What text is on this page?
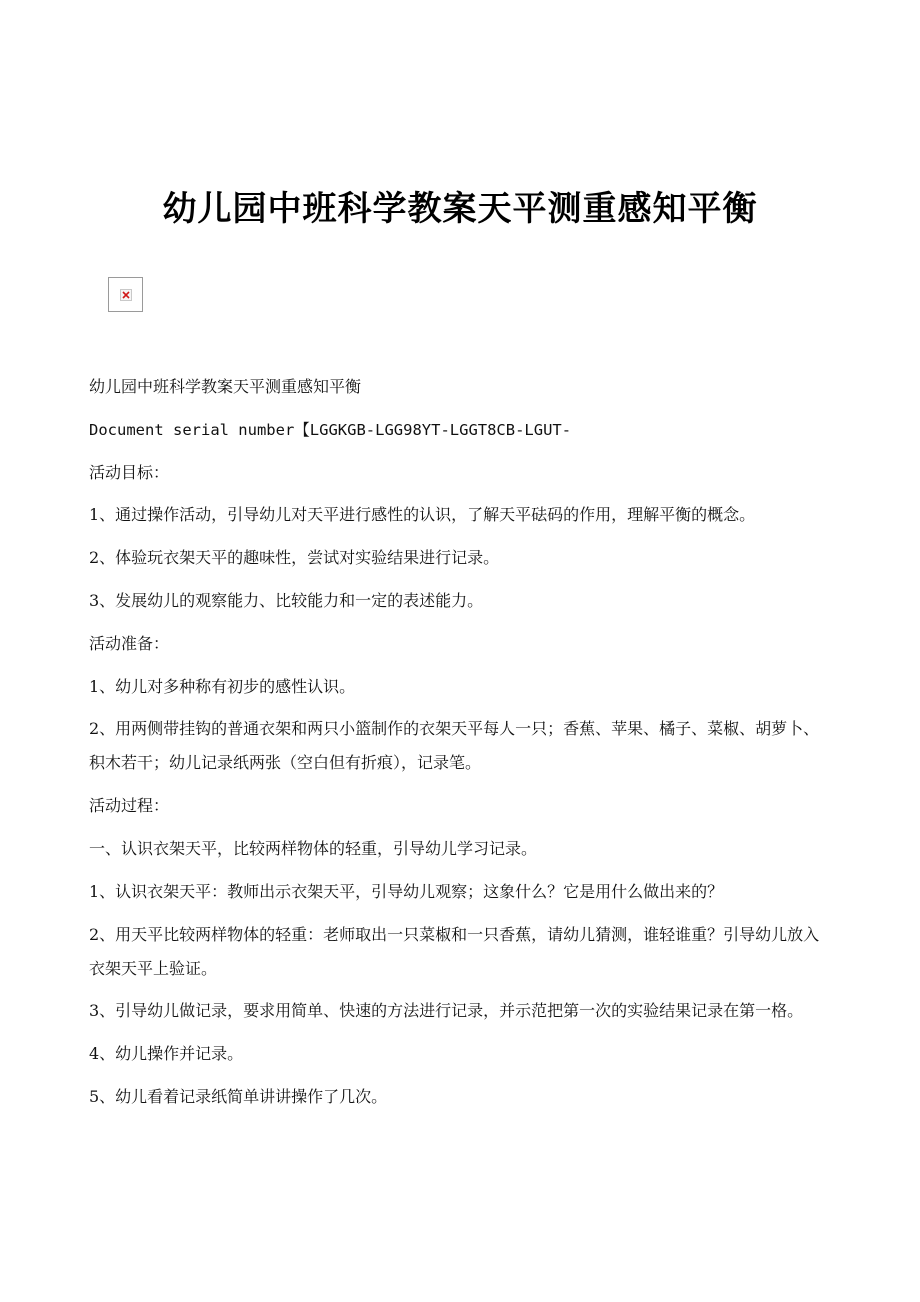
幼儿园中班科学教案天平测重感知平衡

幼儿园中班科学教案天平测重感知平衡

Document serial number【LGGKGB-LGG98YT-LGGT8CB-LGUT-

活动目标：

1、通过操作活动，引导幼儿对天平进行感性的认识，了解天平砝码的作用，理解平衡的概念。

2、体验玩衣架天平的趣味性，尝试对实验结果进行记录。

3、发展幼儿的观察能力、比较能力和一定的表述能力。

活动准备：

1、幼儿对多种称有初步的感性认识。

2、用两侧带挂钩的普通衣架和两只小篮制作的衣架天平每人一只；香蕉、苹果、橘子、菜椒、胡萝卜、积木若干；幼儿记录纸两张（空白但有折痕），记录笔。

活动过程：

一、认识衣架天平，比较两样物体的轻重，引导幼儿学习记录。

1、认识衣架天平：教师出示衣架天平，引导幼儿观察；这象什么？它是用什么做出来的？

2、用天平比较两样物体的轻重：老师取出一只菜椒和一只香蕉，请幼儿猜测，谁轻谁重？引导幼儿放入衣架天平上验证。

3、引导幼儿做记录，要求用简单、快速的方法进行记录，并示范把第一次的实验结果记录在第一格。

4、幼儿操作并记录。

5、幼儿看着记录纸简单讲讲操作了几次。
